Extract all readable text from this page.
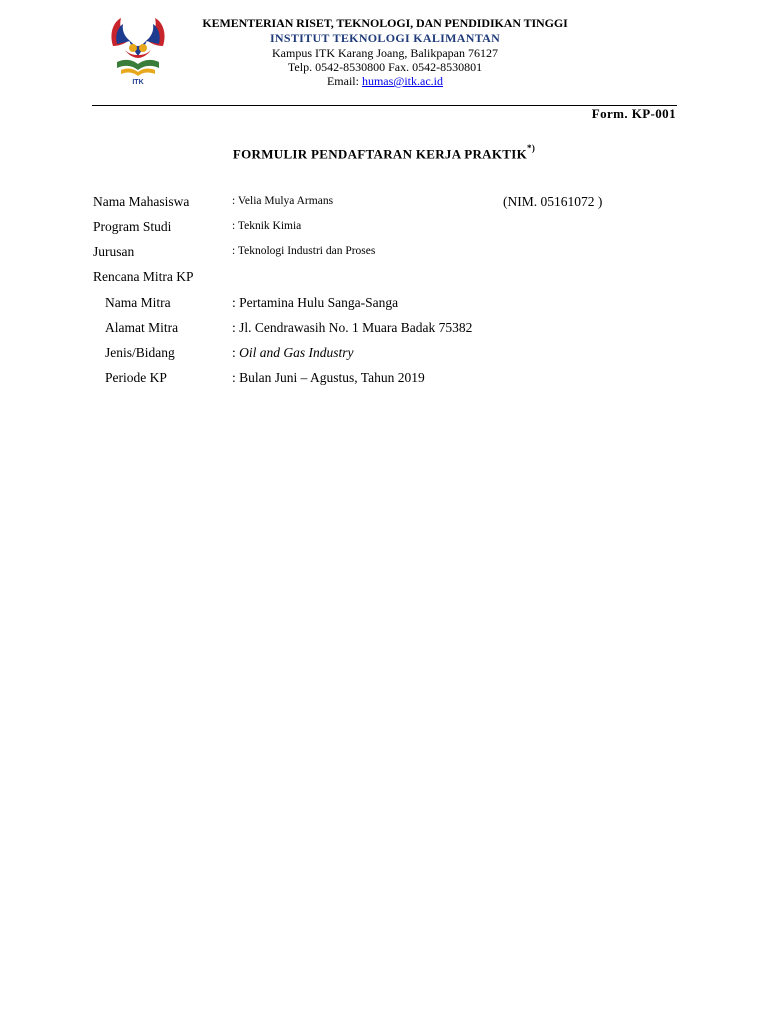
ITK
KEMENTERIAN RISET, TEKNOLOGI, DAN PENDIDIKAN TINGGI
INSTITUT TEKNOLOGI KALIMANTAN
Kampus ITK Karang Joang, Balikpapan 76127
Telp. 0542-8530800 Fax. 0542-8530801
Email: humas@itk.ac.id
Form. KP-001
FORMULIR PENDAFTARAN KERJA PRAKTIK*)
Nama Mahasiswa	: Velia Mulya Armans	(NIM. 05161072 )
Program Studi	: Teknik Kimia
Jurusan	: Teknologi Industri dan Proses
Rencana Mitra KP
Nama Mitra	: Pertamina Hulu Sanga-Sanga
Alamat Mitra	: Jl. Cendrawasih No. 1 Muara Badak 75382
Jenis/Bidang	: Oil and Gas Industry
Periode KP	: Bulan Juni – Agustus, Tahun 2019
